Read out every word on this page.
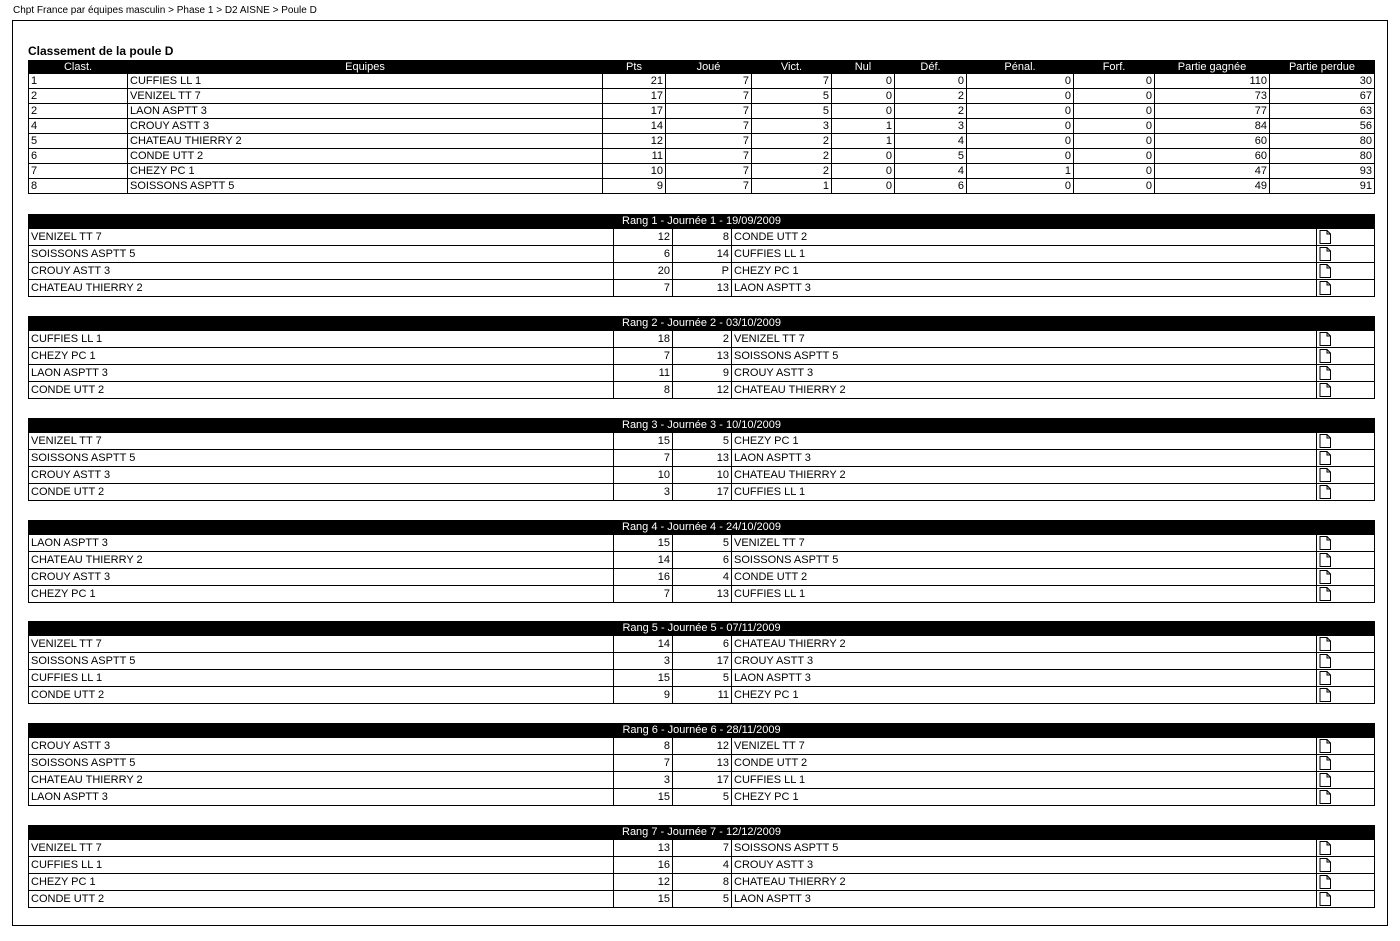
Chpt France par équipes masculin > Phase 1 > D2 AISNE > Poule D
Classement de la poule D
Clast.	Equipes	Pts	Joué	Vict.	Nul	Déf.	Pénal.	Forf.	Partie gagnée	Partie perdue
1	CUFFIES LL 1	21	7	7	0	0	0	0	110	30
2	VENIZEL TT 7	17	7	5	0	2	0	0	73	67
2	LAON ASPTT 3	17	7	5	0	2	0	0	77	63
4	CROUY ASTT 3	14	7	3	1	3	0	0	84	56
5	CHATEAU THIERRY 2	12	7	2	1	4	0	0	60	80
6	CONDE UTT 2	11	7	2	0	5	0	0	60	80
7	CHEZY PC 1	10	7	2	0	4	1	0	47	93
8	SOISSONS ASPTT 5	9	7	1	0	6	0	0	49	91
Rang 1 - Journée 1 - 19/09/2009				
VENIZEL TT 7	12	8	CONDE UTT 2	

SOISSONS ASPTT 5	6	14	CUFFIES LL 1	

CROUY ASTT 3	20	P	CHEZY PC 1	

CHATEAU THIERRY 2	7	13	LAON ASPTT 3	
Rang 2 - Journée 2 - 03/10/2009				
CUFFIES LL 1	18	2	VENIZEL TT 7	

CHEZY PC 1	7	13	SOISSONS ASPTT 5	

LAON ASPTT 3	11	9	CROUY ASTT 3	

CONDE UTT 2	8	12	CHATEAU THIERRY 2	
Rang 3 - Journée 3 - 10/10/2009				
VENIZEL TT 7	15	5	CHEZY PC 1	

SOISSONS ASPTT 5	7	13	LAON ASPTT 3	

CROUY ASTT 3	10	10	CHATEAU THIERRY 2	

CONDE UTT 2	3	17	CUFFIES LL 1	
Rang 4 - Journée 4 - 24/10/2009				
LAON ASPTT 3	15	5	VENIZEL TT 7	

CHATEAU THIERRY 2	14	6	SOISSONS ASPTT 5	

CROUY ASTT 3	16	4	CONDE UTT 2	

CHEZY PC 1	7	13	CUFFIES LL 1	
Rang 5 - Journée 5 - 07/11/2009				
VENIZEL TT 7	14	6	CHATEAU THIERRY 2	

SOISSONS ASPTT 5	3	17	CROUY ASTT 3	

CUFFIES LL 1	15	5	LAON ASPTT 3	

CONDE UTT 2	9	11	CHEZY PC 1	
Rang 6 - Journée 6 - 28/11/2009				
CROUY ASTT 3	8	12	VENIZEL TT 7	

SOISSONS ASPTT 5	7	13	CONDE UTT 2	

CHATEAU THIERRY 2	3	17	CUFFIES LL 1	

LAON ASPTT 3	15	5	CHEZY PC 1	
Rang 7 - Journée 7 - 12/12/2009				
VENIZEL TT 7	13	7	SOISSONS ASPTT 5	

CUFFIES LL 1	16	4	CROUY ASTT 3	

CHEZY PC 1	12	8	CHATEAU THIERRY 2	

CONDE UTT 2	15	5	LAON ASPTT 3	
